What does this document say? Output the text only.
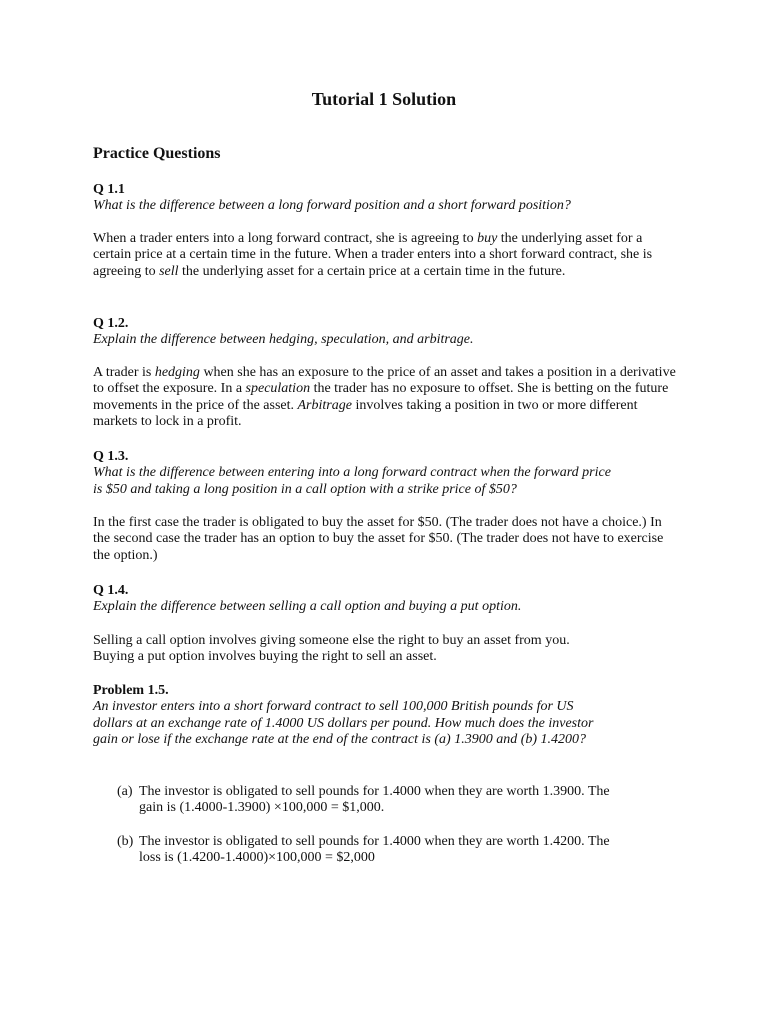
Tutorial 1 Solution
Practice Questions
Q 1.1
What is the difference between a long forward position and a short forward position?
When a trader enters into a long forward contract, she is agreeing to buy the underlying asset for a certain price at a certain time in the future. When a trader enters into a short forward contract, she is agreeing to sell the underlying asset for a certain price at a certain time in the future.
Q 1.2.
Explain the difference between hedging, speculation, and arbitrage.
A trader is hedging when she has an exposure to the price of an asset and takes a position in a derivative to offset the exposure. In a speculation the trader has no exposure to offset. She is betting on the future movements in the price of the asset. Arbitrage involves taking a position in two or more different markets to lock in a profit.
Q 1.3.
What is the difference between entering into a long forward contract when the forward price
is $50 and taking a long position in a call option with a strike price of $50?
In the first case the trader is obligated to buy the asset for $50. (The trader does not have a choice.) In the second case the trader has an option to buy the asset for $50. (The trader does not have to exercise the option.)
Q 1.4.
Explain the difference between selling a call option and buying a put option.
Selling a call option involves giving someone else the right to buy an asset from you.
Buying a put option involves buying the right to sell an asset.
Problem 1.5.
An investor enters into a short forward contract to sell 100,000 British pounds for US
dollars at an exchange rate of 1.4000 US dollars per pound. How much does the investor
gain or lose if the exchange rate at the end of the contract is (a) 1.3900 and (b) 1.4200?
(a) The investor is obligated to sell pounds for 1.4000 when they are worth 1.3900. The
gain is (1.4000-1.3900) ×100,000 = $1,000.
(b) The investor is obligated to sell pounds for 1.4000 when they are worth 1.4200. The
loss is (1.4200-1.4000)×100,000 = $2,000
